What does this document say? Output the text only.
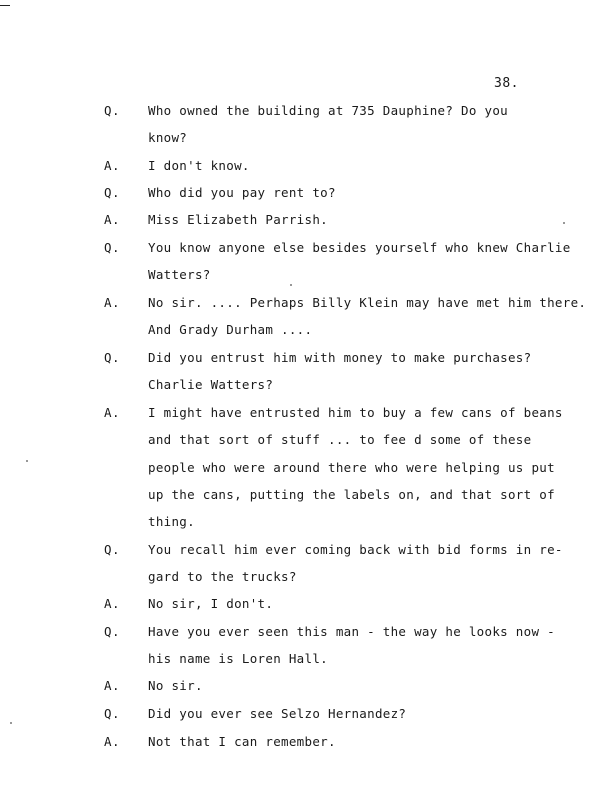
38.
Q. Who owned the building at 735 Dauphine? Do you
know?
A. I don't know.
Q. Who did you pay rent to?
A. Miss Elizabeth Parrish.
Q. You know anyone else besides yourself who knew Charlie
Watters?
A. No sir. .... Perhaps Billy Klein may have met him there.
And Grady Durham ....
Q. Did you entrust him with money to make purchases?
Charlie Watters?
A. I might have entrusted him to buy a few cans of beans
and that sort of stuff ... to fee d some of these
people who were around there who were helping us put
up the cans, putting the labels on, and that sort of
thing.
Q. You recall him ever coming back with bid forms in re-
gard to the trucks?
A. No sir, I don't.
Q. Have you ever seen this man - the way he looks now -
his name is Loren Hall.
A. No sir.
Q. Did you ever see Selzo Hernandez?
A. Not that I can remember.
